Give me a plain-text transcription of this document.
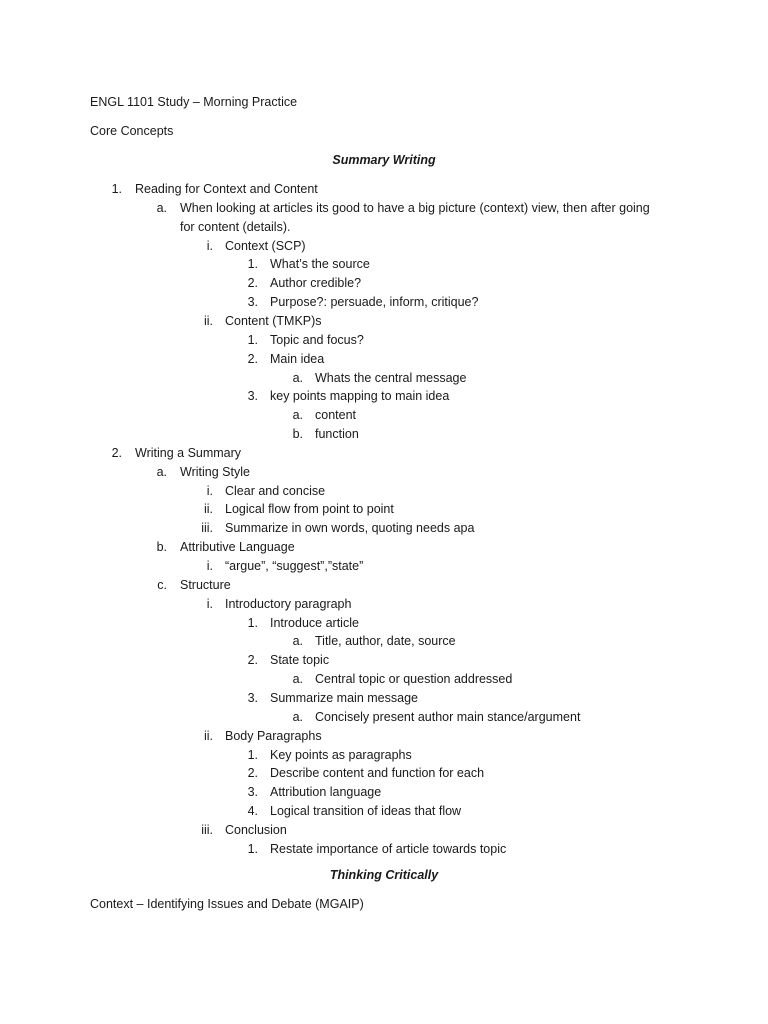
ENGL 1101 Study – Morning Practice
Core Concepts
Summary Writing
1. Reading for Context and Content
a. When looking at articles its good to have a big picture (context) view, then after going
for content (details).
i. Context (SCP)
1. What’s the source
2. Author credible?
3. Purpose?: persuade, inform, critique?
ii. Content (TMKP)s
1. Topic and focus?
2. Main idea
a. Whats the central message
3. key points mapping to main idea
a. content
b. function
2. Writing a Summary
a. Writing Style
i. Clear and concise
ii. Logical flow from point to point
iii. Summarize in own words, quoting needs apa
b. Attributive Language
i. “argue”, “suggest”,”state”
c. Structure
i. Introductory paragraph
1. Introduce article
a. Title, author, date, source
2. State topic
a. Central topic or question addressed
3. Summarize main message
a. Concisely present author main stance/argument
ii. Body Paragraphs
1. Key points as paragraphs
2. Describe content and function for each
3. Attribution language
4. Logical transition of ideas that flow
iii. Conclusion
1. Restate importance of article towards topic
Thinking Critically
Context – Identifying Issues and Debate (MGAIP)
